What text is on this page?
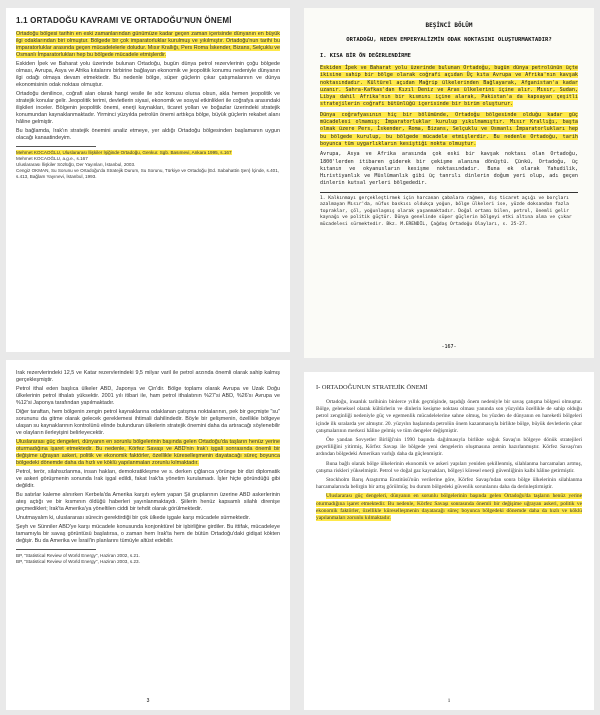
1.1 ORTADOĞU KAVRAMI VE ORTADOĞU'NUN ÖNEMİ

Ortadoğu bölgesi tarihin en eski zamanlarından günümüze kadar geçen zaman içerisinde dünyanın en büyük ilgi odaklarından biri olmuştur. Bölgede bir çok imparatorluklar kurulmuş ve yıkılmıştır. Ortadoğu'nun tarihi bu imparatorluklar arasında geçen mücadelelerle doludur. Mısır Krallığı, Pers Roma İskender, Bizans, Selçuklu ve Osmanlı İmparatorlukları hep bu bölgede mücadele etmişlerdir.

Eskiden İpek ve Baharat yolu üzerinde bulunan Ortadoğu, bugün dünya petrol rezervlerinin çoğu bölgede olması, Avrupa, Asya ve Afrika kıtalarını birbirine bağlayan ekonomik ve jeopolitik konumu nedeniyle dünyanın ilgi odağı olmaya devam etmektedir. Bu nedenle bölge, süper güçlerin çıkar çatışmalarının ve dünya ekonomisinin odak noktası olmuştur.

Ortadoğu denilince, coğrafi alan olarak hangi vesile ile söz konusu olursa olsun, akla hemen jeopolitik ve stratejik konular gelir. Jeopolitik terimi, devletlerin siyasi, ekonomik ve sosyal etkinlikleri ile coğrafya arasındaki ilişkileri inceler. Bölgenin jeopolitik önemi, enerji kaynakları, ticaret yolları ve boğazlar üzerindeki stratejik konumundan kaynaklanmaktadır. Yirminci yüzyılda petrolün önemi arttıkça bölge, büyük güçlerin rekabet alanı hâline gelmiştir.

Bu bağlamda, Irak'ın stratejik önemini analiz etmeye, yer aldığı Ortadoğu bölgesinden başlamanın uygun olacağı kanaatindeyim.

Mehmet KOCAOĞLU, Uluslararası İlişkiler İşiğinde Ortadoğu, Genkur. Sgb. Basımevi, Ankara 1995, s.167

Mehmet KOCAOĞLU, a.g.e., s.167

Uluslararası İlişkiler Sözlüğü, Der Yayınları, İstanbul, 2003.

Cengiz OKMAN, Su Sorunu ve Ortadoğu'da Stratejik Durum, Su Sorunu, Türkiye ve Ortadoğu (Ed. Sabahattin Şen) İçinde, s.401, s.413, Bağlam Yayınevi, İstanbul, 1993.

BEŞİNCİ BÖLÜM

ORTADOĞU, NEDEN EMPERYALİZMİN ODAK NOKTASINI OLUŞTURMAKTADIR?

I. KISA BİR ÖN DEĞERLENDİRME

Eskiden İpek ve Baharat yolu üzerinde bulunan Ortadoğu, bugün dünya petrolünün üçte ikisine sahip bir bölge olarak coğrafi açıdan Üç kıta Avrupa ve Afrika'nın kavşak noktasındadır. Kültürel açıdan Mağrip ülkelerinden Bağlayarak, Afganistan'a kadar uzanır. Sahra-Kafkas'dan Kızıl Deniz ve Aras ülkelerini içine alır. Mısır, Sudan, Libya dahil Afrika'nın bir kısmını içine alarak, Pakistan'a da kapsayan çeşitli stratejilerin coğrafi bütünlüğü içerisinde bir birim oluşturur.

Dünya coğrafyasının hiç bir bölümünde, Ortadoğu bölgesinde olduğu kadar güç mücadelesi olmamış; İmparatorluklar kurulup yıkılmamıştır. Mısır Krallığı, başta olmak üzere Pers, İskender, Roma, Bizans, Selçuklu ve Osmanlı İmparatorlukları hep bu bölgede kurulup, bu bölgede mücadele etmişlerdir. Bu nedenle Ortadoğu, tarih boyunca tüm uygarlıkların kesiştiği nokta olmuştur.

Avrupa, Asya ve Afrika arasında çok eski bir kavşak noktası olan Ortadoğu, 1800'lerden itibaren giderek bir çekişme alanına dönüştü. Çünkü, Ortadoğu, üç kıtanın ve okyanusların kesişme noktasındadır. Buna ek olarak Yahudilik, Hıristiyanlık ve Müslümanlık gibi üç tanrılı dinlerin doğum yeri olup, adı geçen dinlerin kutsal yerleri bölgededir.

1. Kalkınmayı gerçekleştirmek için harcanan çabalara rağmen, dış ticaret açığı ve borçları azalmayan Mısır'da, nüfus baskısı oldukça yoğun, bölge ülkeleri ise, yüzde doksandan fazla topraklar, çöl, yoğunlaşmış olarak yaşanmaktadır. Doğal ortamı bilen, petrol, önemli gelir kaynağı ve politik güçtür. Dünya genelinde süper güçlerin bölgeyi etki altına alma ve çıkar mücadelesi sürmektedir. Bkz. M.ERENDİL, Çağdaş Ortadoğu Olayları, s. 25-27.

-167-

Irak rezervlerindeki 12,5 ve Katar rezervlerindeki 9,5 milyar varil ile petrol arzında önemli olarak sahip kalmış gerçekleşmiştir.

Petrol ithal eden başlıca ülkeler ABD, Japonya ve Çin'dir. Bölge toplamı olarak Avrupa ve Uzak Doğu ülkelerinin petrol ithalatı yüksektir. 2001 yılı itibari ile, ham petrol ithalatının %27'si ABD, %26'sı Avrupa ve %12'si Japonya tarafından yapılmaktadır.

Diğer taraftan, hem bölgenin zengin petrol kaynaklarına odaklanan çatışma noktalarının, pek bir geçmişte "su" sorununu da gitme olarak gelecek gereklemesi ihtimali dahilindedir. Böyle bir gelişmenin, özellikle bölgeye ulaşan su kaynaklarının kontrolünü elinde bulunduran ülkelerin stratejik önemini daha da artıracağı söylenebilir ve olayların ilerleyişini belirleyecektir.

Uluslararası güç dengeleri, dünyanın en sorunlu bölgelerinin başında gelen Ortadoğu'da taşların henüz yerine oturmadığına işaret etmektedir. Bu nedenle, Körfez Savaşı ve ABD'nin Irak'ı işgali sonrasında önemli bir değişime uğrayan askeri, politik ve ekonomik faktörler, özellikle küreselleşmenin dayatacağı süreç boyunca bölgedeki dönemde daha da hızlı ve köklü yapılanmaları zorunlu kılmaktadır.

Petrol, terör, silahsızlanma, insan hakları, demokratikleşme ve s. derken çığlarıca yörünge bir dizi diplomatik ve askeri görüşmenin sonunda Irak işgal edildi, fakat Irak'ta yönetim kurulamadı. İşler hiçte göründüğü gibi değildir.

Bu satırlar kaleme alınırken Kerbela'da Amerika karşıtı eylem yapan Şii gruplarının üzerine ABD askerlerinin ateş açtığı ve bir kısmının öldüğü haberleri yayınlanmaktaydı. Şiilerin henüz kapsamlı silahlı direnişe geçmedikleri; Irak'ta Amerika'ya yöneltilen ciddi bir tehdit olarak görülmektedir.

Unutmayalım ki, uluslararası sürecin gerektirdiği bir çok ülkede işgale karşı mücadele sürmektedir.

Şeyh ve Sünniler ABD'ye karşı mücadele konusunda konjonktürel bir işbirliğine girdiler. Bu ittifak, mücadeleye tamamıyla bir savaş görüntüsü başlatırsa, o zaman hem Irak'ta hem de bütün Ortadoğu'daki gidişat kökten değişir. Bu da Amerika ve İsrail'in planlarını tümüyle altüst edebilir.

BP, "Statistical Review of World Energy", Haziran 2002, s.21.

BP, "Statistical Review of World Energy", Haziran 2003, s.23.

3
I- ORTADOĞUNUN STRATEJİK ÖNEMİ

Ortadoğu, insanlık tarihinin binlerce yıllık geçmişinde, taşıdığı önem nedeniyle bir savaş çatışma bölgesi olmuştur. Bölge, geleneksel olarak kültürlerin ve dinlerin kesişme noktası olması yanında son yüzyılda özellikle de sahip olduğu petrol zenginliği nedeniyle güç ve egemenlik mücadelelerine sahne olmuş, bu yüzden de dünyanın en hareketli bölgeleri içinde ilk sıralarda yer almıştır. 20. yüzyılın başlarında petrolün önem kazanmasıyla birlikte bölge, büyük devletlerin çıkar çatışmalarının merkezi hâline gelmiş ve tüm dengeler değişmiştir.

Öte yandan Sovyetler Birliği'nin 1990 başında dağılmasıyla birlikte soğuk Savaş'ın bölgeye dönük stratejileri geçerliliğini yitirmiş, Körfez Savaşı ile bölgede yeni dengelerin oluşmasına zemin hazırlanmıştır. Körfez Savaşı'nın ardından bölgedeki Amerikan varlığı daha da güçlenmiştir.

Buna bağlı olarak bölge ülkelerinin ekonomik ve askeri yapıları yeniden şekillenmiş, silahlanma harcamaları artmış, çatışma riskleri yükselmiştir. Petrol ve doğal gaz kaynakları, bölgeyi küresel enerji güvenliğinin kalbi hâline getirmiştir.

Stockholm Barış Araştırma Enstitüsü'nün verilerine göre, Körfez Savaşı'ndan sonra bölge ülkelerinin silahlanma harcamalarında belirgin bir artış görülmüş; bu durum bölgedeki güvenlik sorunlarını daha da derinleştirmiştir.

Uluslararası güç dengeleri, dünyanın en sorunlu bölgelerinin başında gelen Ortadoğu'da taşların henüz yerine oturmadığına işaret etmektedir. Bu nedenle, Körfez Savaşı sonrasında önemli bir değişime uğrayan askeri, politik ve ekonomik faktörler, özellikle küreselleşmenin dayatacağı süreç boyunca bölgedeki dönemde daha da hızlı ve köklü yapılanmaları zorunlu kılmaktadır.

1
